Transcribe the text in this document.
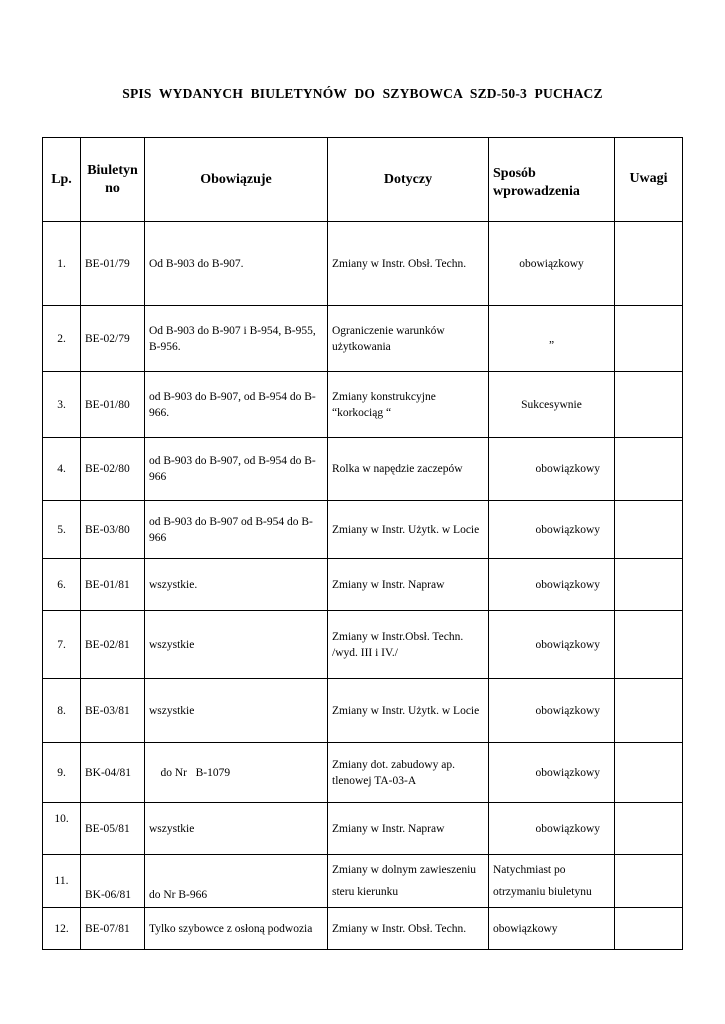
SPIS WYDANYCH BIULETYNÓW DO SZYBOWCA SZD-50-3 PUCHACZ
Lp.	Biuletyn no	Obowiązuje	Dotyczy	Sposób wprowadzenia	Uwagi
1.	BE-01/79	Od B-903 do B-907.	Zmiany w Instr. Obsł. Techn.	obowiązkowy	
2.	BE-02/79	Od B-903 do B-907 i B-954, B-955, B-956.	Ograniczenie warunków użytkowania	„	
3.	BE-01/80	od B-903 do B-907, od B-954 do B-966.	Zmiany konstrukcyjne “korkociąg “	Sukcesywnie	
4.	BE-02/80	od B-903 do B-907, od B-954 do B-966	Rolka w napędzie zaczepów	obowiązkowy	
5.	BE-03/80	od B-903 do B-907 od B-954 do B-966	Zmiany w Instr. Użytk. w Locie	obowiązkowy	
6.	BE-01/81	wszystkie.	Zmiany w Instr. Napraw	obowiązkowy	
7.	BE-02/81	wszystkie	Zmiany w Instr.Obsł. Techn. /wyd. III i IV./	obowiązkowy	
8.	BE-03/81	wszystkie	Zmiany w Instr. Użytk. w Locie	obowiązkowy	
9.	BK-04/81	do Nr   B-1079	Zmiany dot. zabudowy ap. tlenowej TA-03-A	obowiązkowy	
10.	BE-05/81	wszystkie	Zmiany w Instr. Napraw	obowiązkowy	
11.	BK-06/81	do Nr B-966	Zmiany w dolnym zawieszeniu steru kierunku	Natychmiast po otrzymaniu biuletynu	
12.	BE-07/81	Tylko szybowce z osłoną podwozia	Zmiany w Instr. Obsł. Techn.	obowiązkowy	
